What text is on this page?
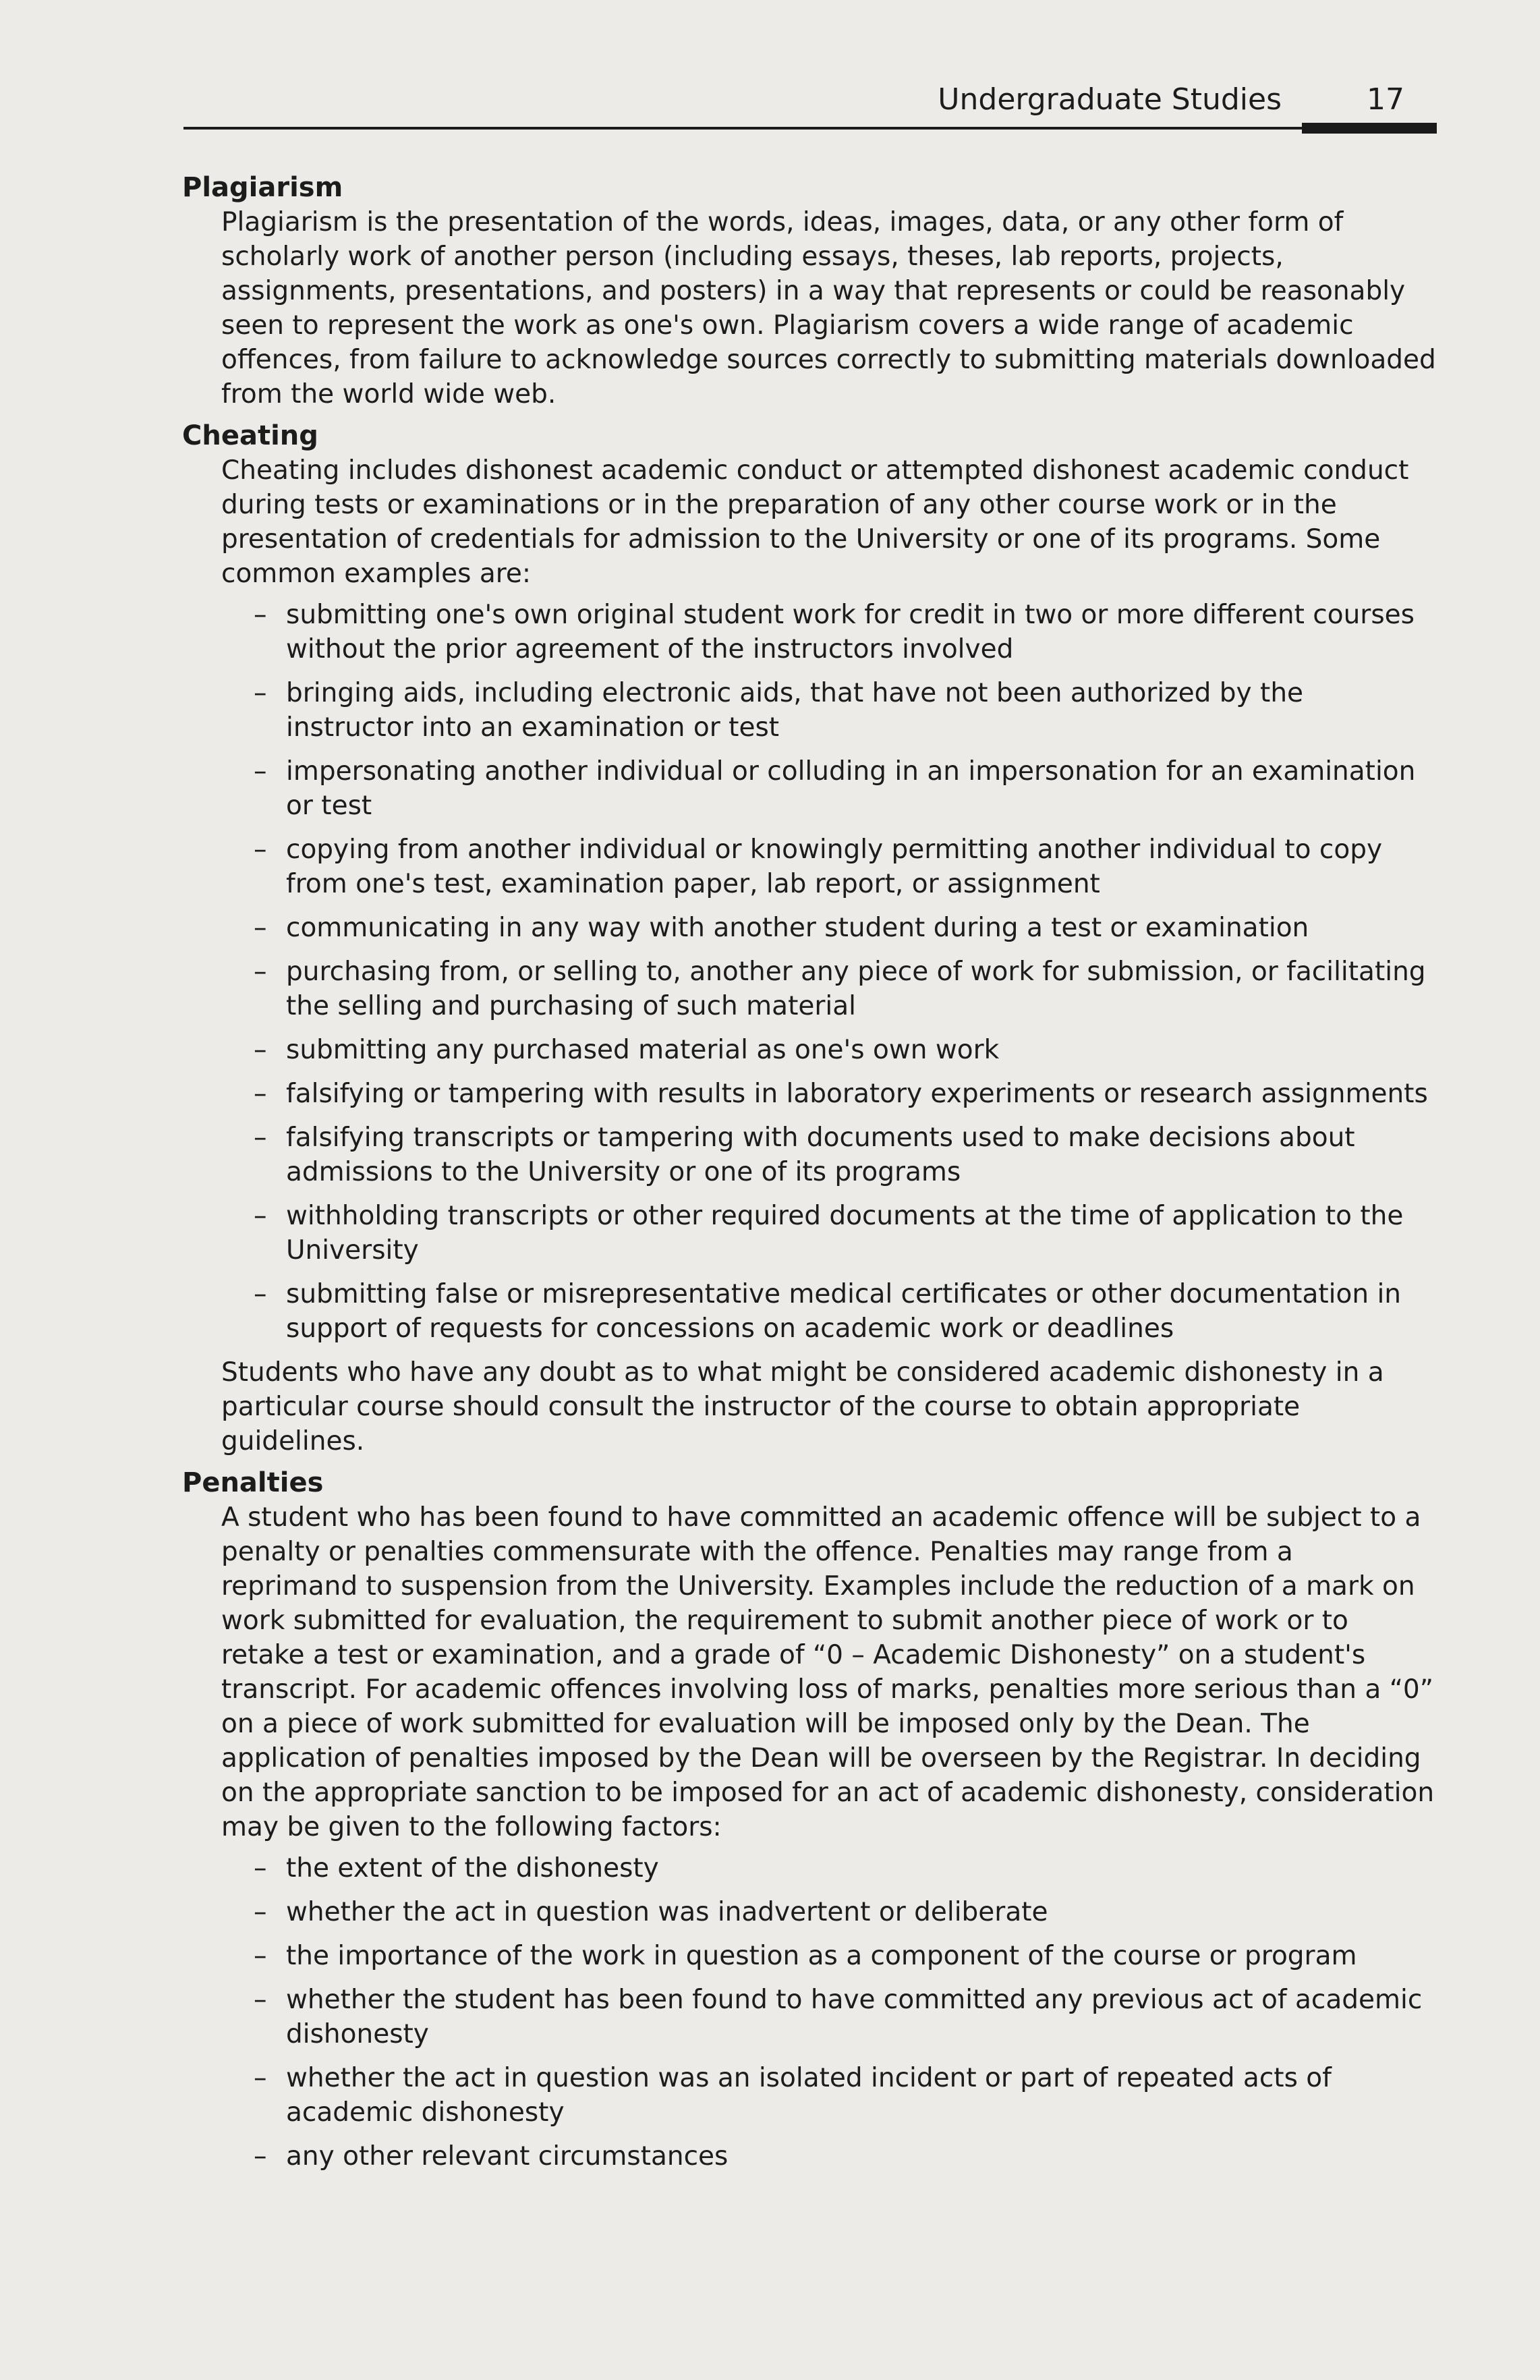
Undergraduate Studies	17
Plagiarism

Plagiarism is the presentation of the words, ideas, images, data, or any other form of scholarly work of another person (including essays, theses, lab reports, projects, assignments, presentations, and posters) in a way that represents or could be reasonably seen to represent the work as one's own. Plagiarism covers a wide range of academic offences, from failure to acknowledge sources correctly to submitting materials downloaded from the world wide web.

Cheating

Cheating includes dishonest academic conduct or attempted dishonest academic conduct during tests or examinations or in the preparation of any other course work or in the presentation of credentials for admission to the University or one of its programs. Some common examples are:

– submitting one's own original student work for credit in two or more different courses without the prior agreement of the instructors involved
– bringing aids, including electronic aids, that have not been authorized by the instructor into an examination or test
– impersonating another individual or colluding in an impersonation for an examination or test
– copying from another individual or knowingly permitting another individual to copy from one's test, examination paper, lab report, or assignment
– communicating in any way with another student during a test or examination
– purchasing from, or selling to, another any piece of work for submission, or facilitating the selling and purchasing of such material
– submitting any purchased material as one's own work
– falsifying or tampering with results in laboratory experiments or research assignments
– falsifying transcripts or tampering with documents used to make decisions about admissions to the University or one of its programs
– withholding transcripts or other required documents at the time of application to the University
– submitting false or misrepresentative medical certificates or other documentation in support of requests for concessions on academic work or deadlines

Students who have any doubt as to what might be considered academic dishonesty in a particular course should consult the instructor of the course to obtain appropriate guidelines.

Penalties

A student who has been found to have committed an academic offence will be subject to a penalty or penalties commensurate with the offence. Penalties may range from a reprimand to suspension from the University. Examples include the reduction of a mark on work submitted for evaluation, the requirement to submit another piece of work or to retake a test or examination, and a grade of “0 – Academic Dishonesty” on a student's transcript. For academic offences involving loss of marks, penalties more serious than a “0” on a piece of work submitted for evaluation will be imposed only by the Dean. The application of penalties imposed by the Dean will be overseen by the Registrar. In deciding on the appropriate sanction to be imposed for an act of academic dishonesty, consideration may be given to the following factors:

– the extent of the dishonesty
– whether the act in question was inadvertent or deliberate
– the importance of the work in question as a component of the course or program
– whether the student has been found to have committed any previous act of academic dishonesty
– whether the act in question was an isolated incident or part of repeated acts of academic dishonesty
– any other relevant circumstances
